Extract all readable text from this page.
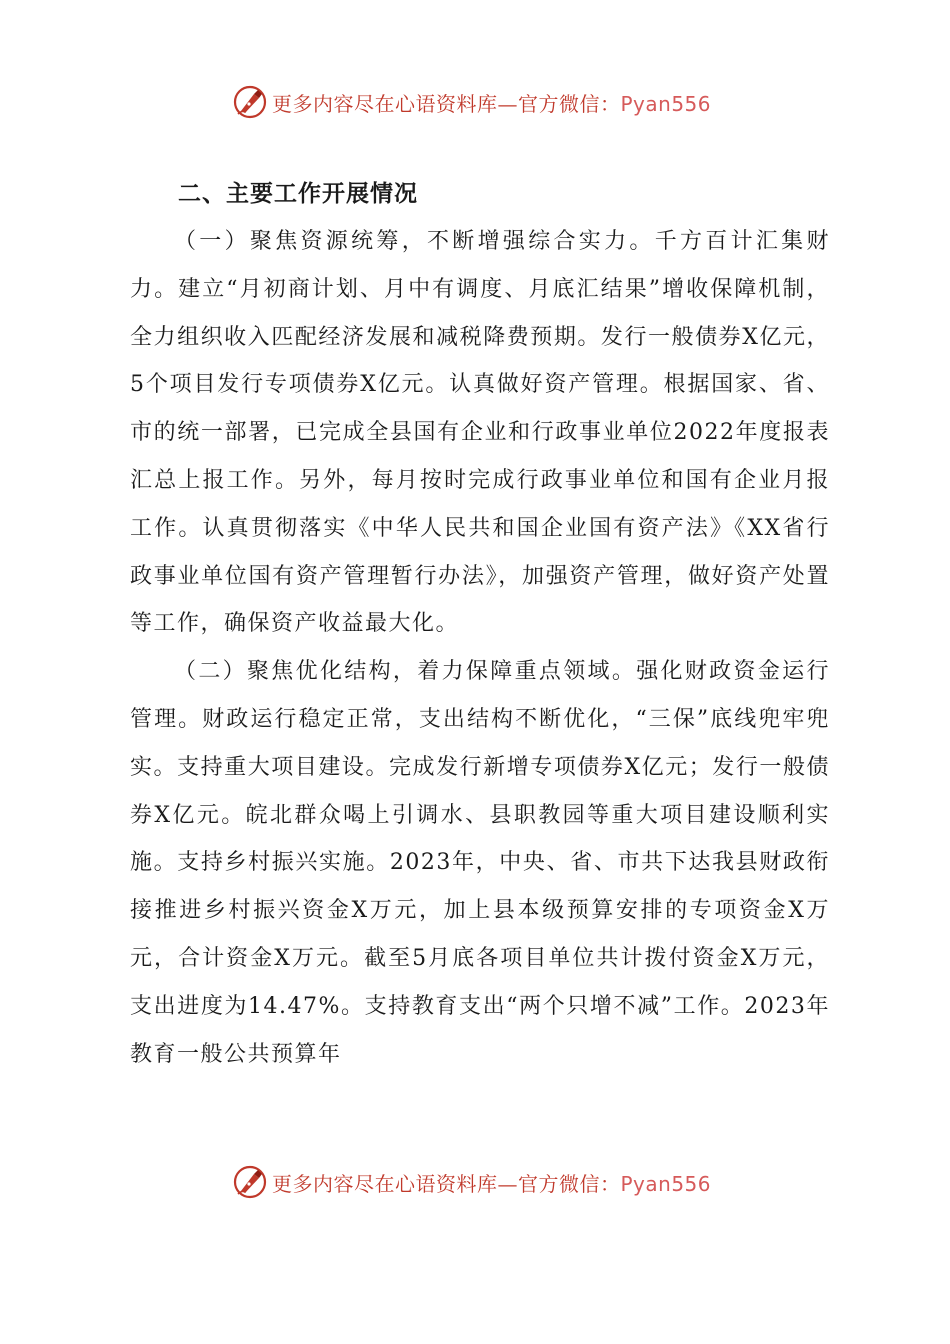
更多内容尽在心语资料库—官方微信：Pyan556
二、主要工作开展情况

（一）聚焦资源统筹，不断增强综合实力。千方百计汇集财力。建立“月初商计划、月中有调度、月底汇结果”增收保障机制，全力组织收入匹配经济发展和减税降费预期。发行一般债券X亿元，5个项目发行专项债券X亿元。认真做好资产管理。根据国家、省、市的统一部署，已完成全县国有企业和行政事业单位2022年度报表汇总上报工作。另外，每月按时完成行政事业单位和国有企业月报工作。认真贯彻落实《中华人民共和国企业国有资产法》《XX省行政事业单位国有资产管理暂行办法》，加强资产管理，做好资产处置等工作，确保资产收益最大化。

（二）聚焦优化结构，着力保障重点领域。强化财政资金运行管理。财政运行稳定正常，支出结构不断优化，“三保”底线兜牢兜实。支持重大项目建设。完成发行新增专项债券X亿元；发行一般债券X亿元。皖北群众喝上引调水、县职教园等重大项目建设顺利实施。支持乡村振兴实施。2023年，中央、省、市共下达我县财政衔接推进乡村振兴资金X万元，加上县本级预算安排的专项资金X万元，合计资金X万元。截至5月底各项目单位共计拨付资金X万元，支出进度为14.47%。支持教育支出“两个只增不减”工作。2023年教育一般公共预算年

更多内容尽在心语资料库—官方微信：Pyan556
